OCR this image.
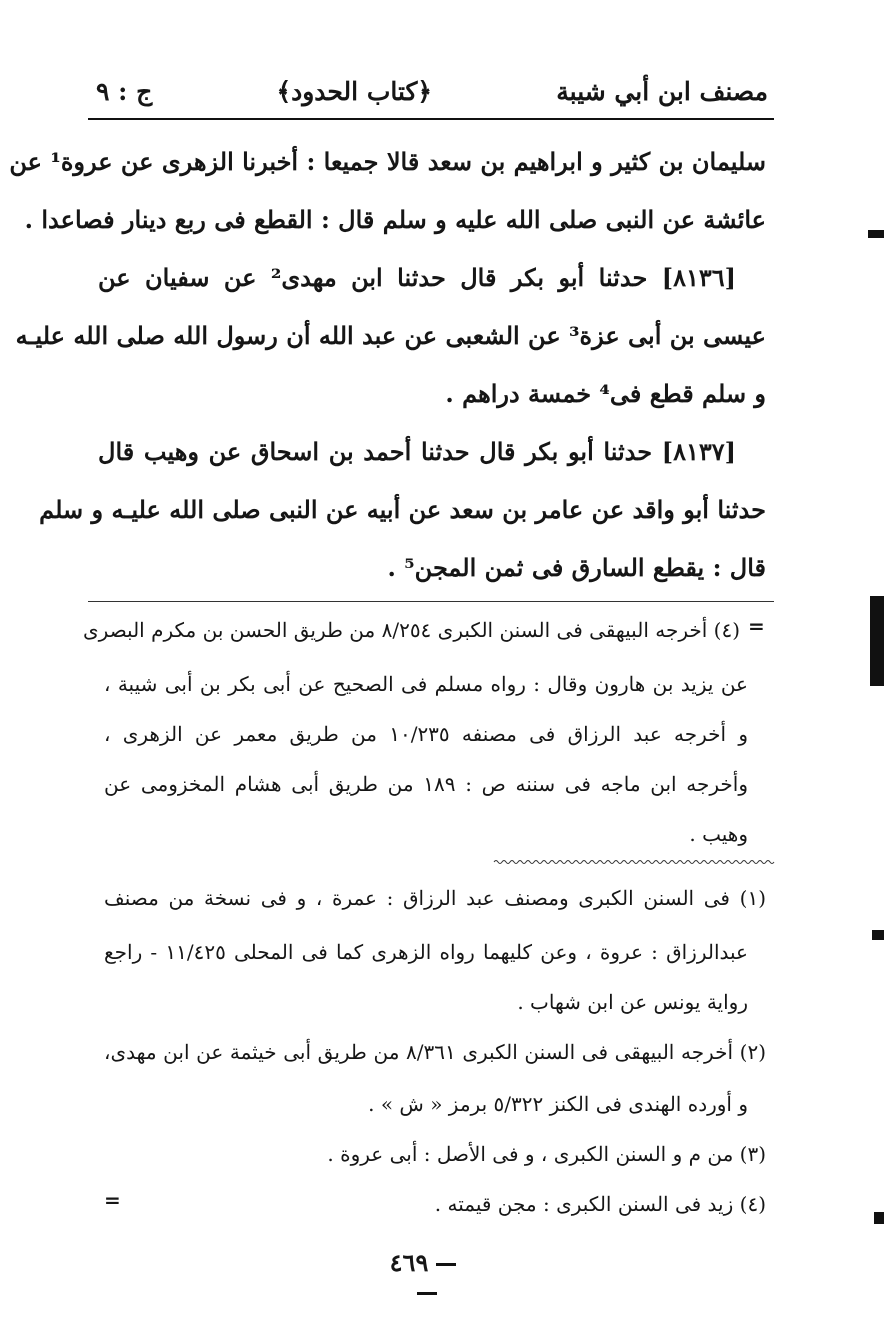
مصنف ابن أبي شيبة
﴿كتاب الحدود﴾
ج : ٩
سليمان بن كثير و ابراهيم بن سعد قالا جميعا : أخبرنا الزهرى عن عروة¹ عن
عائشة عن النبى صلى الله عليه و سلم قال : القطع فى ربع دينار فصاعدا .
[٨١٣٦] حدثنا أبو بكر قال حدثنا ابن مهدى² عن سفيان عن
عيسى بن أبى عزة³ عن الشعبى عن عبد الله أن رسول الله صلى الله عليـه
و سلم قطع فى⁴ خمسة دراهم .
[٨١٣٧] حدثنا أبو بكر قال حدثنا أحمد بن اسحاق عن وهيب قال
حدثنا أبو واقد عن عامر بن سعد عن أبيه عن النبى صلى الله عليـه و سلم
قال : يقطع السارق فى ثمن المجن⁵ .
=
(٤) أخرجه البيهقى فى السنن الكبرى ٨/٢٥٤ من طريق الحسن بن مكرم البصرى
عن يزيد بن هارون وقال : رواه مسلم فى الصحيح عن أبى بكر بن أبى شيبة ،
و أخرجه عبد الرزاق فى مصنفه ١٠/٢٣٥ من طريق معمر عن الزهرى ،
وأخرجه ابن ماجه فى سننه ص : ١٨٩ من طريق أبى هشام المخزومى عن
وهيب .
(١) فى السنن الكبرى ومصنف عبد الرزاق : عمرة ، و فى نسخة من مصنف
عبدالرزاق : عروة ، وعن كليهما رواه الزهرى كما فى المحلى ١١/٤٢٥ - راجع
رواية يونس عن ابن شهاب .
(٢) أخرجه البيهقى فى السنن الكبرى ٨/٣٦١ من طريق أبى خيثمة عن ابن مهدى،
و أورده الهندى فى الكنز ٥/٣٢٢ برمز « ش » .
(٣) من م و السنن الكبرى ، و فى الأصل : أبى عروة .
(٤) زيد فى السنن الكبرى : مجن قيمته .
=
٤٦٩
